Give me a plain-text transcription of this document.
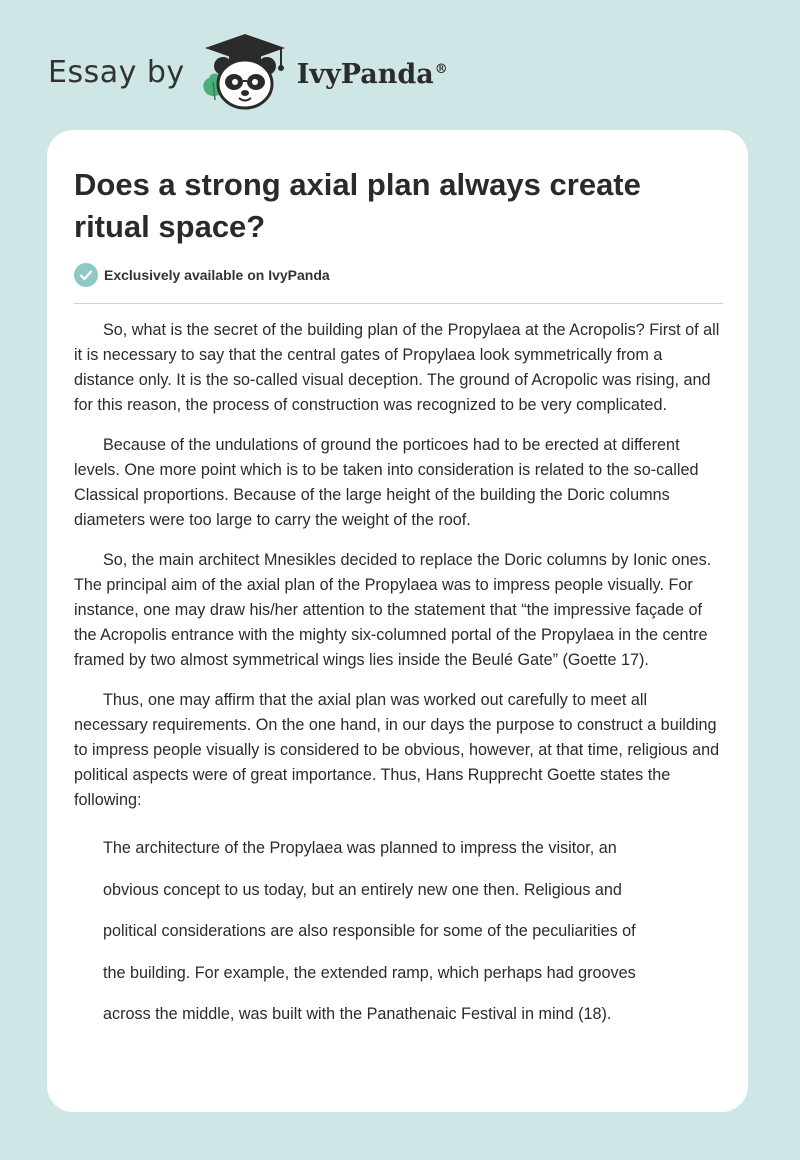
Essay by	IvyPanda®
Does a strong axial plan always create ritual space?
Exclusively available on IvyPanda

So, what is the secret of the building plan of the Propylaea at the Acropolis? First of all it is necessary to say that the central gates of Propylaea look symmetrically from a distance only. It is the so-called visual deception. The ground of Acropolic was rising, and for this reason, the process of construction was recognized to be very complicated.

Because of the undulations of ground the porticoes had to be erected at different levels. One more point which is to be taken into consideration is related to the so-called Classical proportions. Because of the large height of the building the Doric columns diameters were too large to carry the weight of the roof.

So, the main architect Mnesikles decided to replace the Doric columns by Ionic ones. The principal aim of the axial plan of the Propylaea was to impress people visually. For instance, one may draw his/her attention to the statement that “the impressive façade of the Acropolis entrance with the mighty six-columned portal of the Propylaea in the centre framed by two almost symmetrical wings lies inside the Beulé Gate” (Goette 17).

Thus, one may affirm that the axial plan was worked out carefully to meet all necessary requirements. On the one hand, in our days the purpose to construct a building to impress people visually is considered to be obvious, however, at that time, religious and political aspects were of great importance. Thus, Hans Rupprecht Goette states the following:

The architecture of the Propylaea was planned to impress the visitor, an

obvious concept to us today, but an entirely new one then. Religious and

political considerations are also responsible for some of the peculiarities of

the building. For example, the extended ramp, which perhaps had grooves

across the middle, was built with the Panathenaic Festival in mind (18).
